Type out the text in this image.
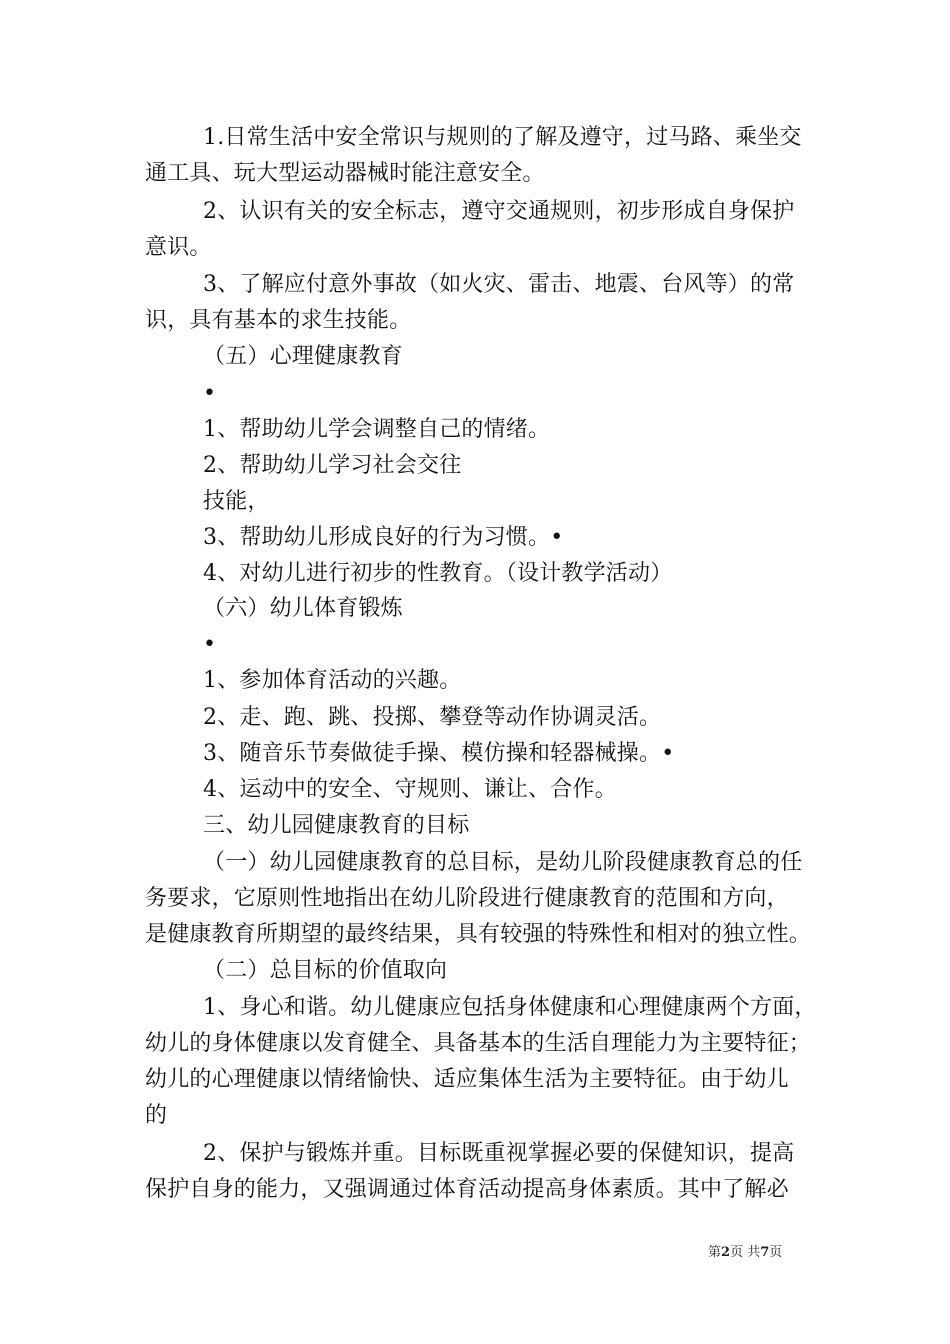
1.日常生活中安全常识与规则的了解及遵守，过马路、乘坐交
通工具、玩大型运动器械时能注意安全。
2、认识有关的安全标志，遵守交通规则，初步形成自身保护
意识。
3、了解应付意外事故（如火灾、雷击、地震、台风等）的常
识，具有基本的求生技能。
（五）心理健康教育
•
1、帮助幼儿学会调整自己的情绪。
2、帮助幼儿学习社会交往
技能，
3、帮助幼儿形成良好的行为习惯。•
4、对幼儿进行初步的性教育。（设计教学活动）
（六）幼儿体育锻炼
•
1、参加体育活动的兴趣。
2、走、跑、跳、投掷、攀登等动作协调灵活。
3、随音乐节奏做徒手操、模仿操和轻器械操。•
4、运动中的安全、守规则、谦让、合作。
三、幼儿园健康教育的目标
（一）幼儿园健康教育的总目标，是幼儿阶段健康教育总的任
务要求，它原则性地指出在幼儿阶段进行健康教育的范围和方向，
是健康教育所期望的最终结果，具有较强的特殊性和相对的独立性。
（二）总目标的价值取向
1、身心和谐。幼儿健康应包括身体健康和心理健康两个方面，
幼儿的身体健康以发育健全、具备基本的生活自理能力为主要特征；
幼儿的心理健康以情绪愉快、适应集体生活为主要特征。由于幼儿
的
2、保护与锻炼并重。目标既重视掌握必要的保健知识，提高
保护自身的能力，又强调通过体育活动提高身体素质。其中了解必
第2页 共7页
